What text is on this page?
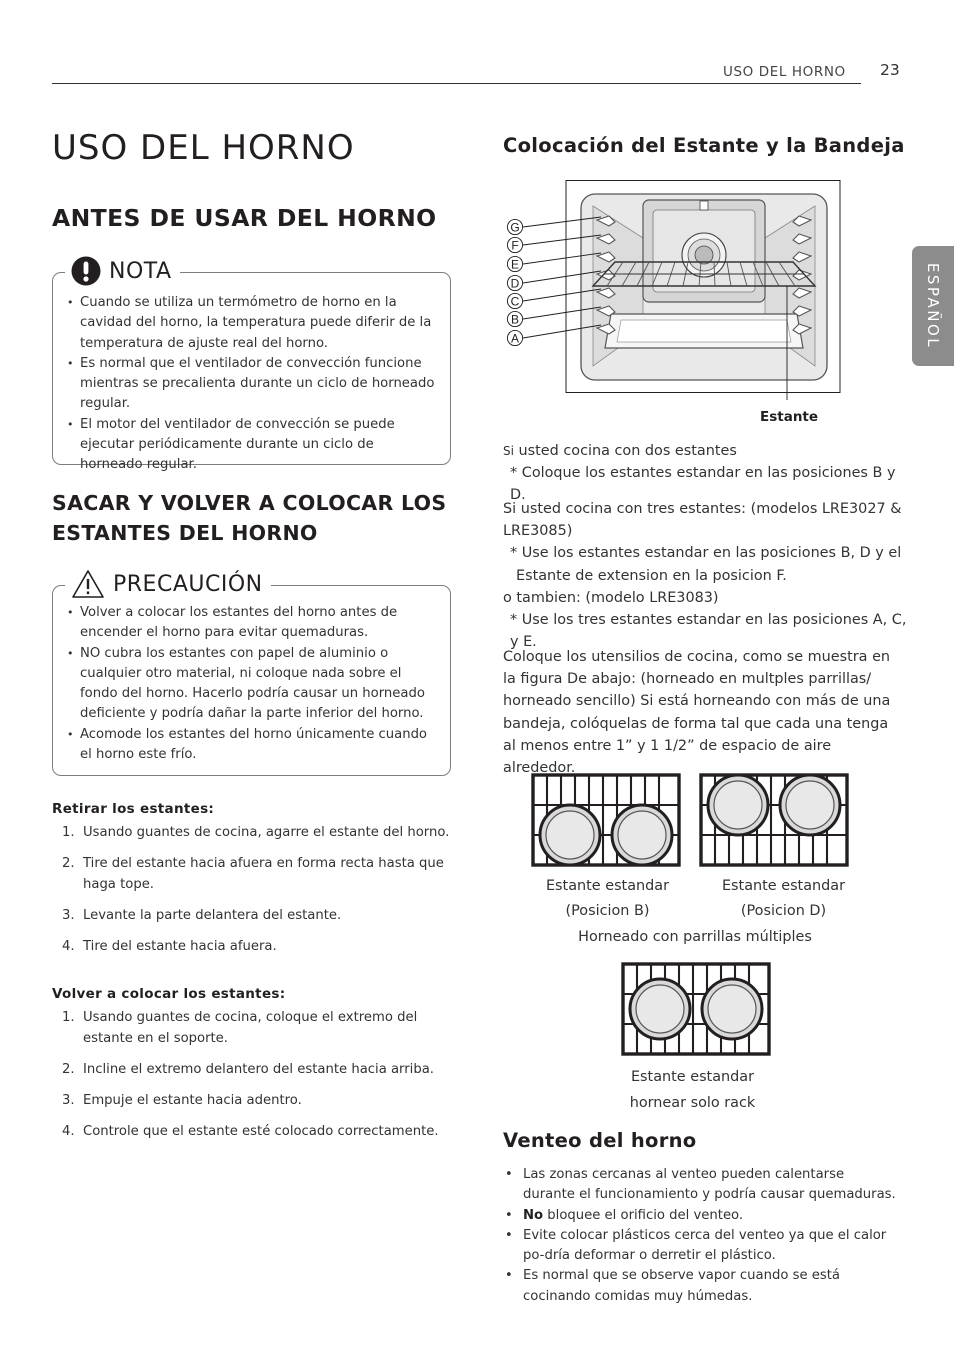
USO DEL HORNO 23
ESPAÑOL
USO DEL HORNO
ANTES DE USAR DEL HORNO
NOTA
• Cuando se utiliza un termómetro de horno en la cavidad del horno, la temperatura puede diferir de la temperatura de ajuste real del horno.
• Es normal que el ventilador de convección funcione mientras se precalienta durante un ciclo de horneado regular.
• El motor del ventilador de convección se puede ejecutar periódicamente durante un ciclo de horneado regular.
SACAR Y VOLVER A COLOCAR LOS ESTANTES DEL HORNO
PRECAUCIÓN
• Volver a colocar los estantes del horno antes de encender el horno para evitar quemaduras.
• NO cubra los estantes con papel de aluminio o cualquier otro material, ni coloque nada sobre el fondo del horno. Hacerlo podría causar un horneado deficiente y podría dañar la parte inferior del horno.
• Acomode los estantes del horno únicamente cuando el horno este frío.
Retirar los estantes:
1. Usando guantes de cocina, agarre el estante del horno.
2. Tire del estante hacia afuera en forma recta hasta que haga tope.
3. Levante la parte delantera del estante.
4. Tire del estante hacia afuera.
Volver a colocar los estantes:
1. Usando guantes de cocina, coloque el extremo del estante en el soporte.
2. Incline el extremo delantero del estante hacia arriba.
3. Empuje el estante hacia adentro.
4. Controle que el estante esté colocado correctamente.
Colocación del Estante y la Bandeja
G
F
E
D
C
B
A
Estante
Si usted cocina con dos estantes
* Coloque los estantes estandar en las posiciones B y D.
Si usted cocina con tres estantes: (modelos LRE3027 &
LRE3085)
* Use los estantes estandar en las posiciones B, D y el
Estante de extension en la posicion F.
o tambien: (modelo LRE3083)
* Use los tres estantes estandar en las posiciones A, C, y E.
Coloque los utensilios de cocina, como se muestra en la figura De abajo: (horneado en multples parrillas/ horneado sencillo) Si está horneando con más de una bandeja, colóquelas de forma tal que cada una tenga al menos entre 1” y 1 1/2” de espacio de aire alrededor.
Estante estandar
(Posicion B)
Estante estandar
(Posicion D)
Horneado con parrillas múltiples
Estante estandar
hornear solo rack
Venteo del horno
• Las zonas cercanas al venteo pueden calentarse durante el funcionamiento y podría causar quemaduras.
• No bloquee el orificio del venteo.
• Evite colocar plásticos cerca del venteo ya que el calor po-dría deformar o derretir el plástico.
• Es normal que se observe vapor cuando se está cocinando comidas muy húmedas.
